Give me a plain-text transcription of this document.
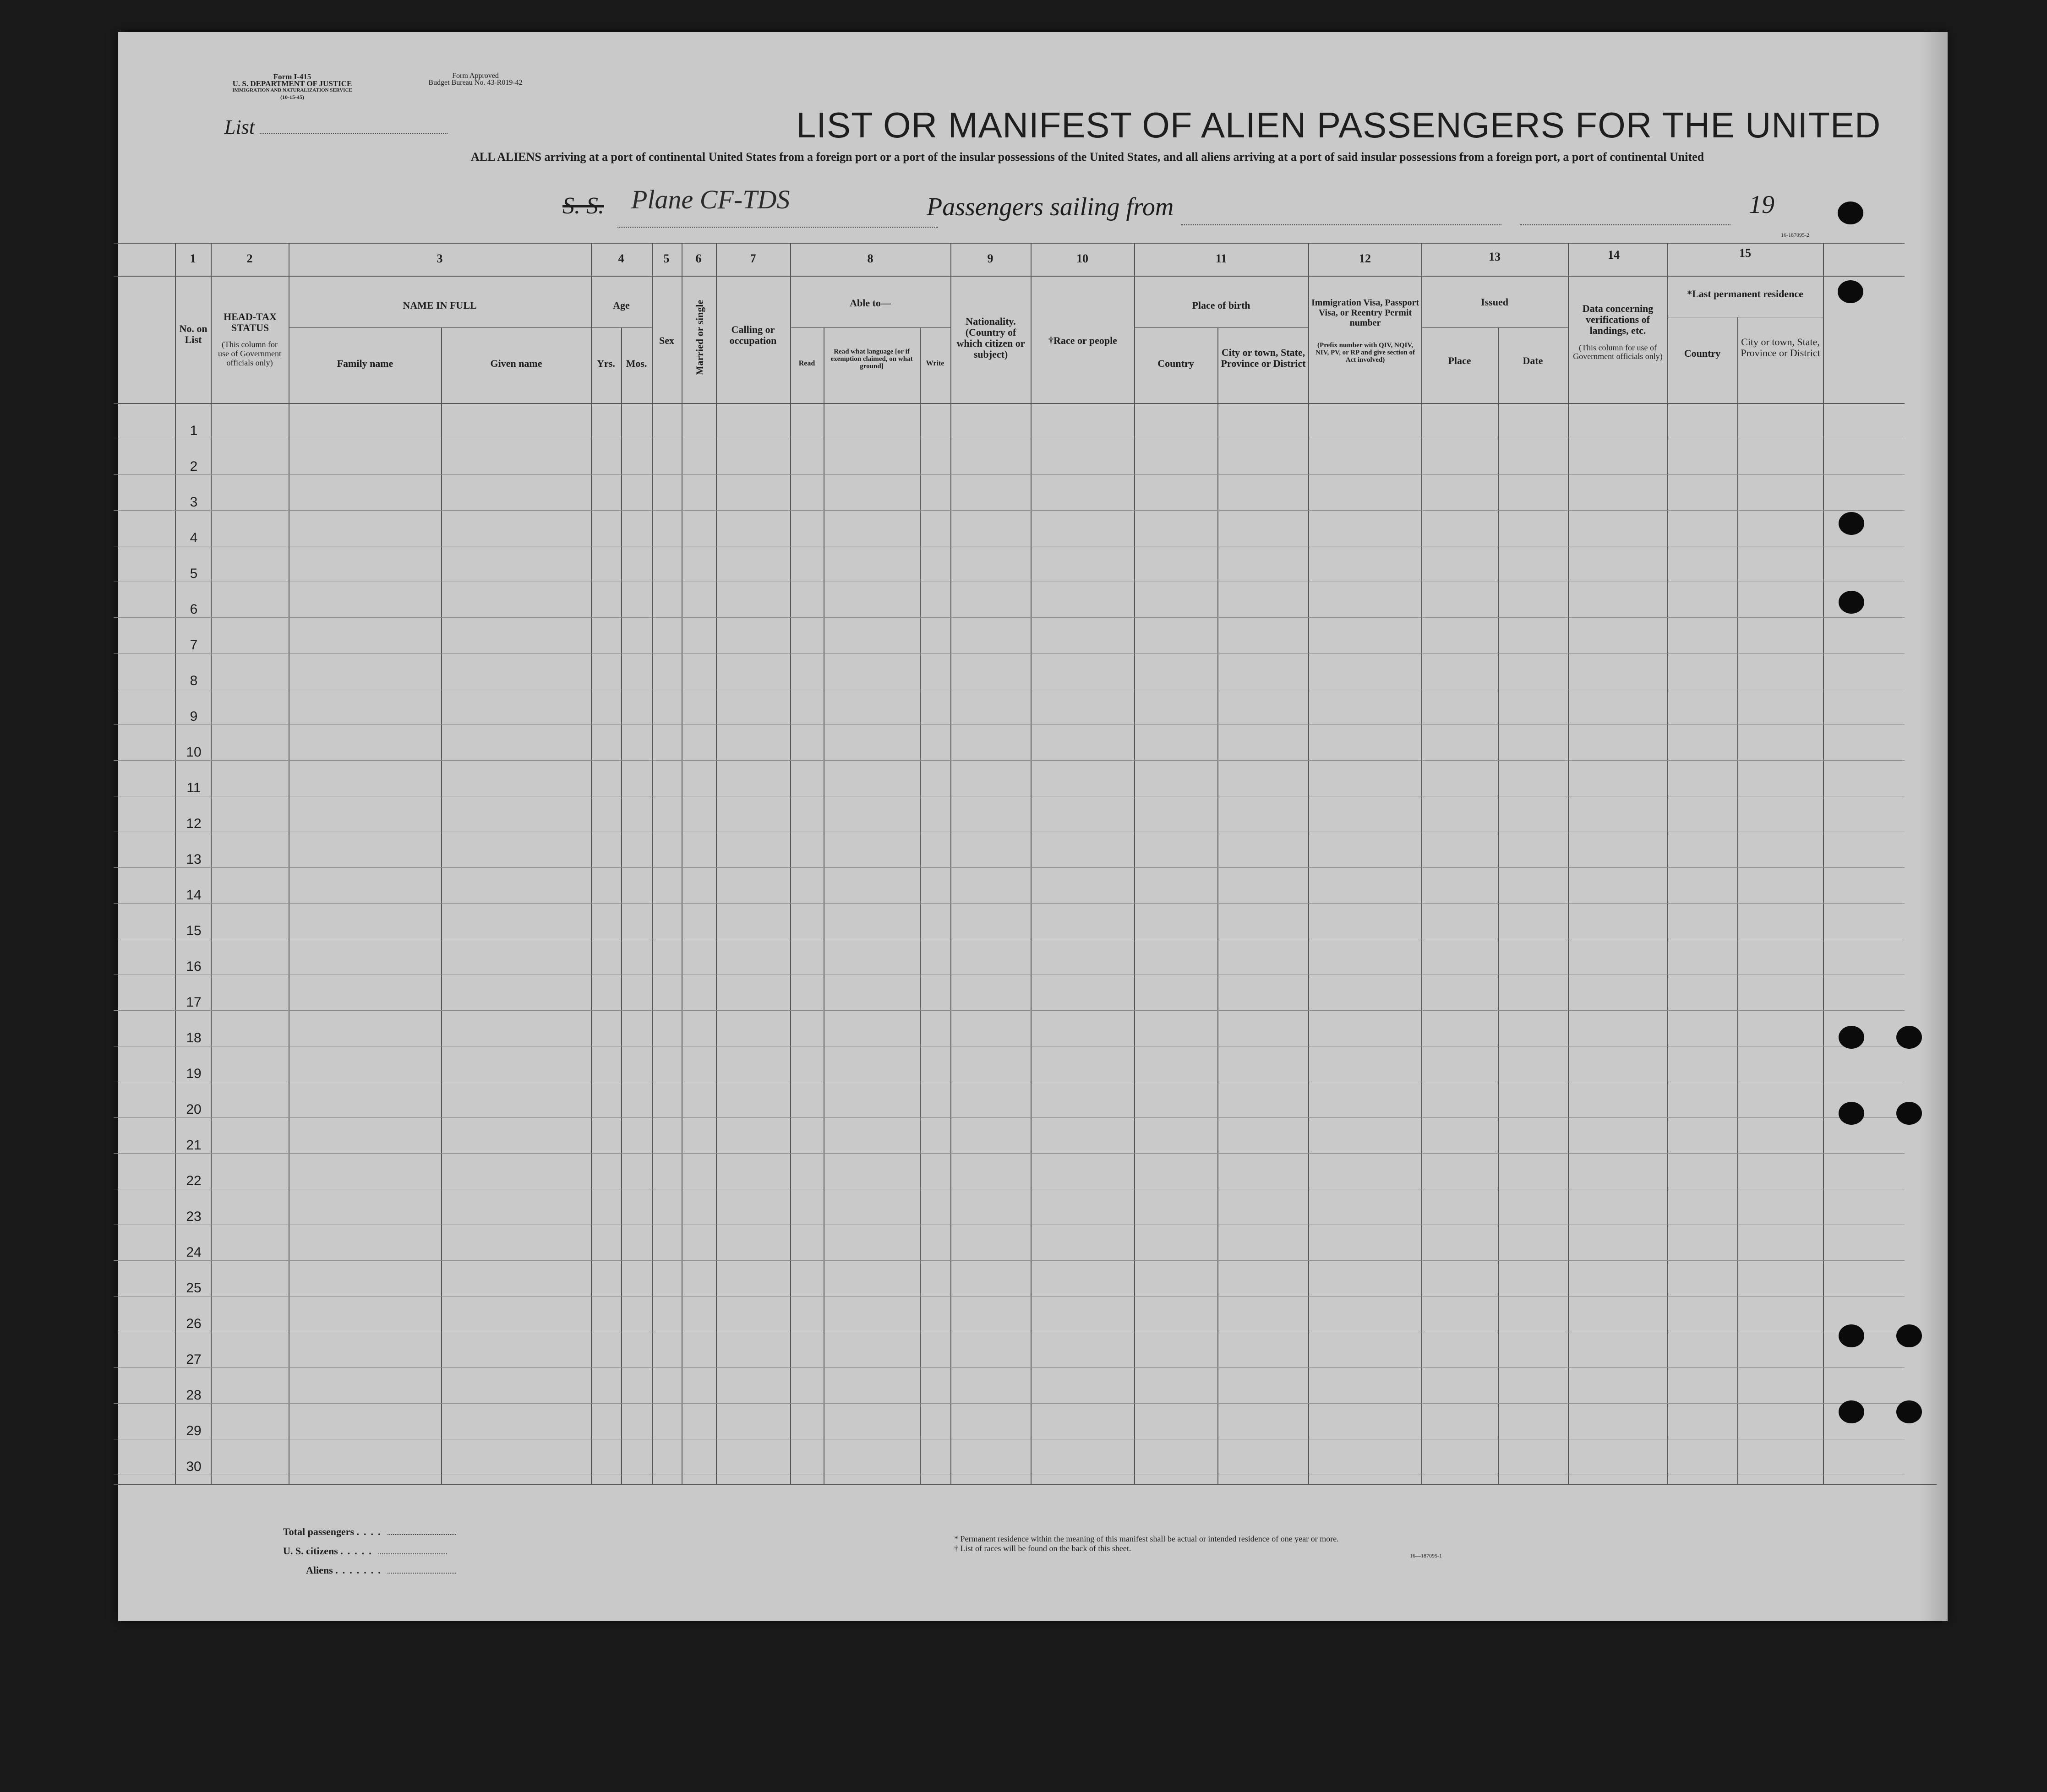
Form I-415
U. S. DEPARTMENT OF JUSTICE
IMMIGRATION AND NATURALIZATION SERVICE
(10-15-45)
Form Approved
Budget Bureau No. 43-R019-42
List	LIST OR MANIFEST OF ALIEN PASSENGERS FOR THE UNITED
ALL ALIENS arriving at a port of continental United States from a foreign port or a port of the insular possessions of the United States, and all aliens arriving at a port of said insular possessions from a foreign port, a port of continental United
S. S. Plane CF-TDS	Passengers sailing from	19
16-187095-2
1	2	3	4	5	6	7	8	9	10	11	12	13	14	15
No. on List
HEAD-TAX STATUS
(This column for use of Government officials only)
NAME IN FULL
Family name	Given name
Age
Yrs.	Mos.
Sex	Married or single	Calling or occupation
Able to—
Read
Read what language [or if exemption claimed, on what ground]	Write
Nationality. (Country of which citizen or subject)
†Race or people
Place of birth
Country
City or town, State, Province or District
Immigration Visa, Passport Visa, or Reentry Permit number
(Prefix number with QIV, NQIV, NIV, PV, or RP and give section of Act involved)
Issued
Place	Date
Data concerning verifications of landings, etc.
(This column for use of Government officials only)
*Last permanent residence
Country
City or town, State, Province or District
1
2
3
4
5
6
7
8
9
10
11
12
13
14
15
16
17
18
19
20
21
22
23
24
25
26
27
28
29
30
Total passengers ....
U. S. citizens .....
Aliens .......
* Permanent residence within the meaning of this manifest shall be actual or intended residence of one year or more.
† List of races will be found on the back of this sheet.
16—187095-1
